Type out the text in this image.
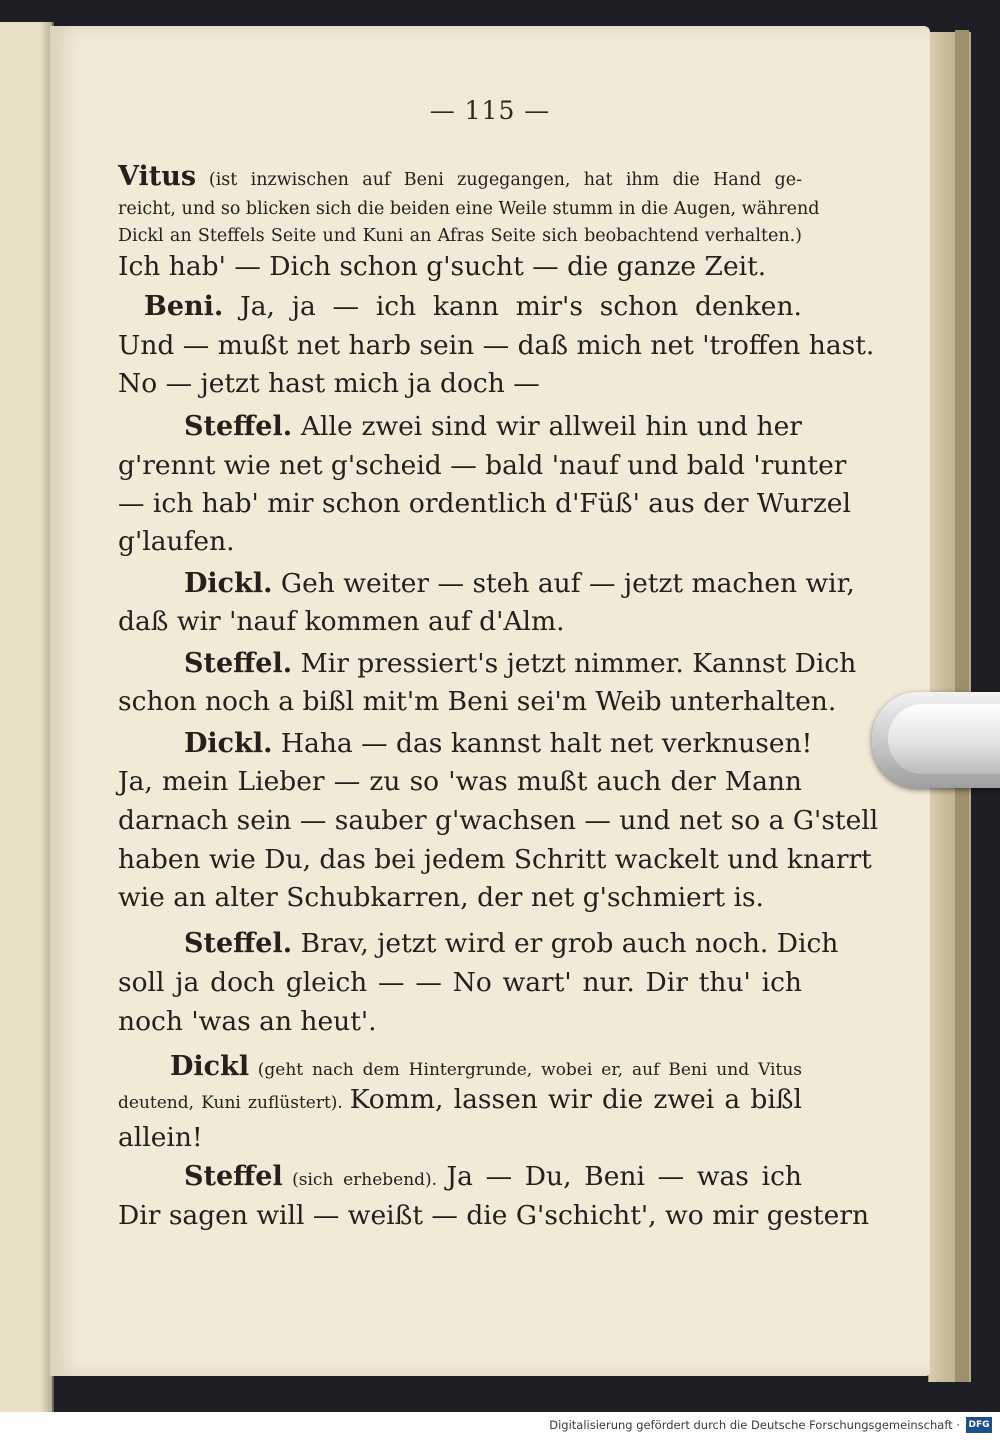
— 115 —
Vitus (ist inzwischen auf Beni zugegangen, hat ihm die Hand ge-
reicht, und so blicken sich die beiden eine Weile stumm in die Augen, während
Dickl an Steffels Seite und Kuni an Afras Seite sich beobachtend verhalten.)
Ich hab' — Dich schon g'sucht — die ganze Zeit.
Beni. Ja, ja — ich kann mir's schon denken.
Und — mußt net harb sein — daß mich net 'troffen hast.
No — jetzt hast mich ja doch —
Steffel. Alle zwei sind wir allweil hin und her
g'rennt wie net g'scheid — bald 'nauf und bald 'runter
— ich hab' mir schon ordentlich d'Füß' aus der Wurzel
g'laufen.
Dickl. Geh weiter — steh auf — jetzt machen wir,
daß wir 'nauf kommen auf d'Alm.
Steffel. Mir pressiert's jetzt nimmer. Kannst Dich
schon noch a bißl mit'm Beni sei'm Weib unterhalten.
Dickl. Haha — das kannst halt net verknusen!
Ja, mein Lieber — zu so 'was mußt auch der Mann
darnach sein — sauber g'wachsen — und net so a G'stell
haben wie Du, das bei jedem Schritt wackelt und knarrt
wie an alter Schubkarren, der net g'schmiert is.
Steffel. Brav, jetzt wird er grob auch noch. Dich
soll ja doch gleich — — No wart' nur. Dir thu' ich
noch 'was an heut'.
Dickl (geht nach dem Hintergrunde, wobei er, auf Beni und Vitus
deutend, Kuni zuflüstert). Komm, lassen wir die zwei a bißl
allein!
Steffel (sich erhebend). Ja — Du, Beni — was ich
Dir sagen will — weißt — die G'schicht', wo mir gestern
Digitalisierung gefördert durch die Deutsche Forschungsgemeinschaft · DFG
